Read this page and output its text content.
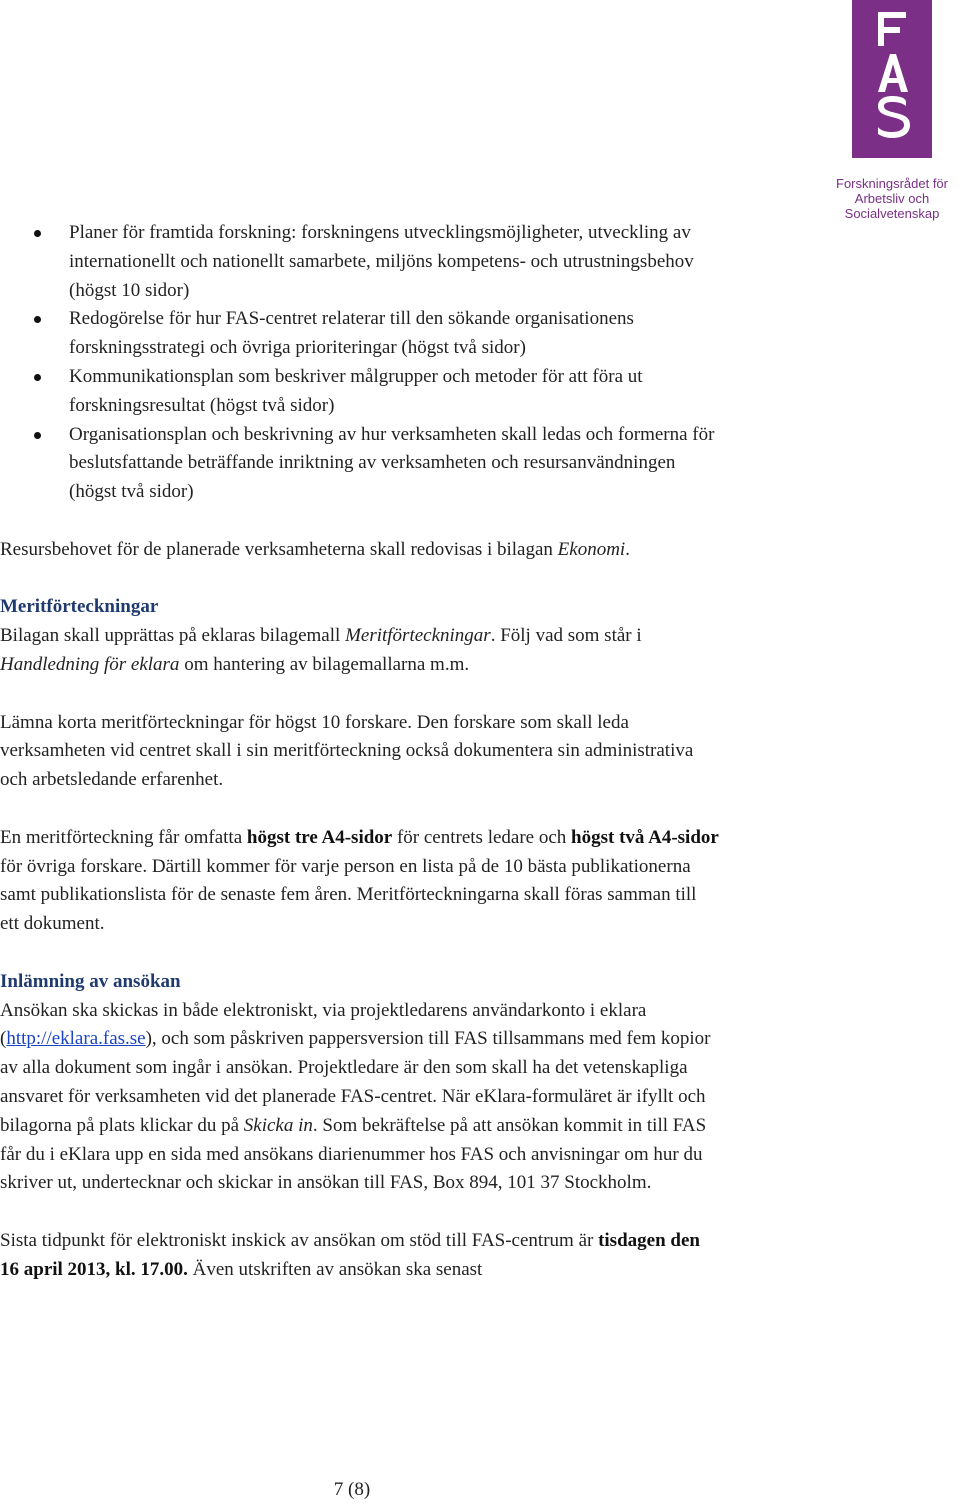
Forskningsrådet för
Arbetsliv och
Socialvetenskap
Planer för framtida forskning: forskningens utvecklingsmöjligheter, utveckling av internationellt och nationellt samarbete, miljöns kompetens- och utrustningsbehov (högst 10 sidor)
Redogörelse för hur FAS-centret relaterar till den sökande organisationens forskningsstrategi och övriga prioriteringar (högst två sidor)
Kommunikationsplan som beskriver målgrupper och metoder för att föra ut forskningsresultat (högst två sidor)
Organisationsplan och beskrivning av hur verksamheten skall ledas och formerna för beslutsfattande beträffande inriktning av verksamheten och resursanvändningen (högst två sidor)

Resursbehovet för de planerade verksamheterna skall redovisas i bilagan Ekonomi.

Meritförteckningar

Bilagan skall upprättas på eklaras bilagemall Meritförteckningar. Följ vad som står i Handledning för eklara om hantering av bilagemallarna m.m.

Lämna korta meritförteckningar för högst 10 forskare. Den forskare som skall leda verksamheten vid centret skall i sin meritförteckning också dokumentera sin administrativa och arbetsledande erfarenhet.

En meritförteckning får omfatta högst tre A4-sidor för centrets ledare och högst två A4-sidor för övriga forskare. Därtill kommer för varje person en lista på de 10 bästa publikationerna samt publikationslista för de senaste fem åren. Meritförteckningarna skall föras samman till ett dokument.

Inlämning av ansökan

Ansökan ska skickas in både elektroniskt, via projektledarens användarkonto i eklara (http://eklara.fas.se), och som påskriven pappersversion till FAS tillsammans med fem kopior av alla dokument som ingår i ansökan. Projektledare är den som skall ha det vetenskapliga ansvaret för verksamheten vid det planerade FAS-centret. När eKlara-formuläret är ifyllt och bilagorna på plats klickar du på Skicka in. Som bekräftelse på att ansökan kommit in till FAS får du i eKlara upp en sida med ansökans diarienummer hos FAS och anvisningar om hur du skriver ut, undertecknar och skickar in ansökan till FAS, Box 894, 101 37 Stockholm.

Sista tidpunkt för elektroniskt inskick av ansökan om stöd till FAS-centrum är tisdagen den 16 april 2013, kl. 17.00. Även utskriften av ansökan ska senast

7 (8)
